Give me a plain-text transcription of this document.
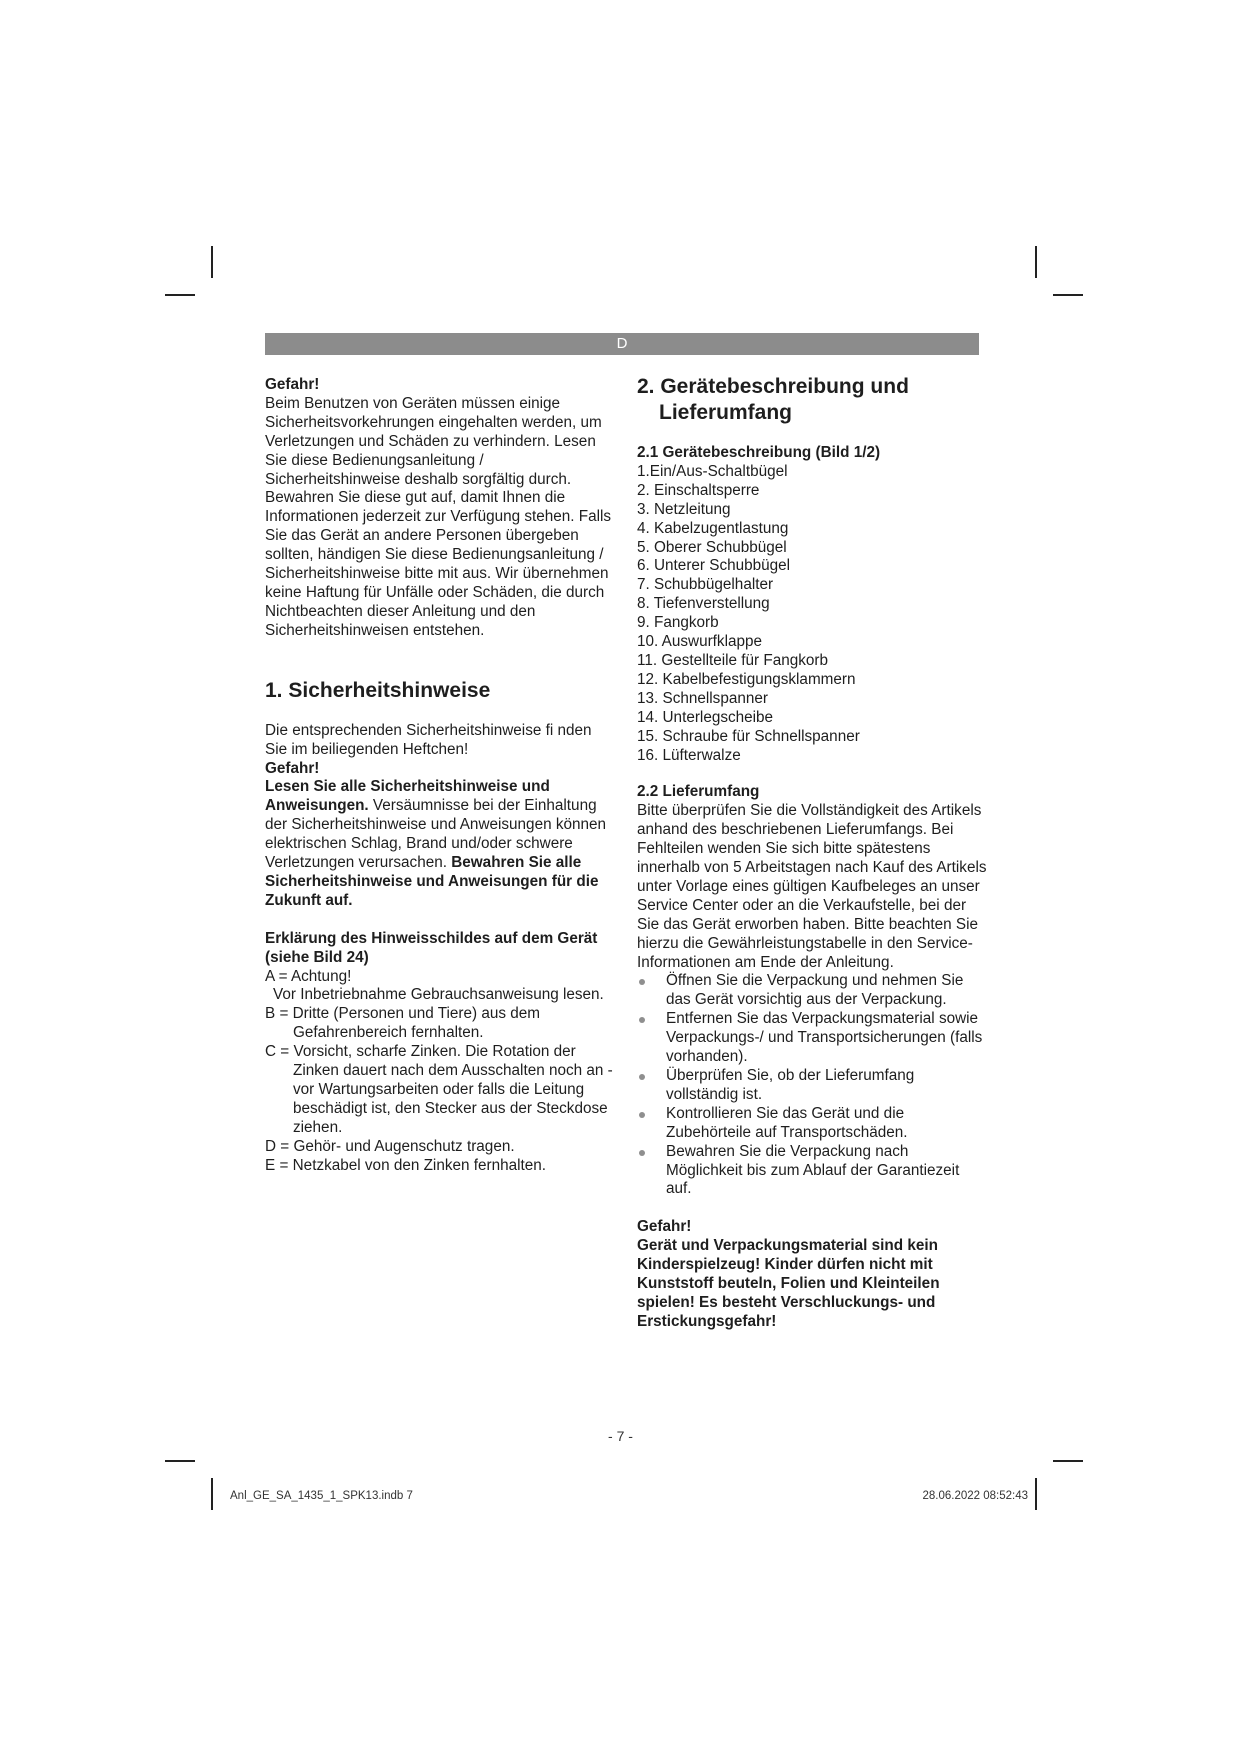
D

Gefahr!

Beim Benutzen von Geräten müssen einige Sicherheitsvorkehrungen eingehalten werden, um Verletzungen und Schäden zu verhindern. Lesen Sie diese Bedienungsanleitung / Sicherheitshinweise deshalb sorgfältig durch. Bewahren Sie diese gut auf, damit Ihnen die Informationen jederzeit zur Verfügung stehen. Falls Sie das Gerät an andere Personen übergeben sollten, händigen Sie diese Bedienungsanleitung / Sicherheitshinweise bitte mit aus. Wir übernehmen keine Haftung für Unfälle oder Schäden, die durch Nichtbeachten dieser Anleitung und den Sicherheitshinweisen entstehen.

1. Sicherheitshinweise

Die entsprechenden Sicherheitshinweise fi nden Sie im beiliegenden Heftchen!

Gefahr!

Lesen Sie alle Sicherheitshinweise und Anweisungen. Versäumnisse bei der Einhaltung der Sicherheitshinweise und Anweisungen können elektrischen Schlag, Brand und/oder schwere Verletzungen verursachen. Bewahren Sie alle Sicherheitshinweise und Anweisungen für die Zukunft auf.

Erklärung des Hinweisschildes auf dem Gerät (siehe Bild 24)

A = Achtung!

Vor Inbetriebnahme Gebrauchsanweisung lesen.

B = Dritte (Personen und Tiere) aus dem Gefahrenbereich fernhalten.

C = Vorsicht, scharfe Zinken. Die Rotation der Zinken dauert nach dem Ausschalten noch an - vor Wartungsarbeiten oder falls die Leitung beschädigt ist, den Stecker aus der Steckdose ziehen.

D = Gehör- und Augenschutz tragen.

E = Netzkabel von den Zinken fernhalten.

2. Gerätebeschreibung und
Lieferumfang

2.1 Gerätebeschreibung (Bild 1/2)

1.Ein/Aus-Schaltbügel
2. Einschaltsperre
3. Netzleitung
4. Kabelzugentlastung
5. Oberer Schubbügel
6. Unterer Schubbügel
7. Schubbügelhalter
8. Tiefenverstellung
9. Fangkorb
10. Auswurfklappe
11. Gestellteile für Fangkorb
12. Kabelbefestigungsklammern
13. Schnellspanner
14. Unterlegscheibe
15. Schraube für Schnellspanner
16. Lüfterwalze

2.2 Lieferumfang

Bitte überprüfen Sie die Vollständigkeit des Artikels anhand des beschriebenen Lieferumfangs. Bei Fehlteilen wenden Sie sich bitte spätestens innerhalb von 5 Arbeitstagen nach Kauf des Artikels unter Vorlage eines gültigen Kaufbeleges an unser Service Center oder an die Verkaufstelle, bei der Sie das Gerät erworben haben. Bitte beachten Sie hierzu die Gewährleistungstabelle in den Service-Informationen am Ende der Anleitung.

Öffnen Sie die Verpackung und nehmen Sie das Gerät vorsichtig aus der Verpackung.
Entfernen Sie das Verpackungsmaterial sowie Verpackungs-/ und Transportsicherungen (falls vorhanden).
Überprüfen Sie, ob der Lieferumfang vollständig ist.
Kontrollieren Sie das Gerät und die Zubehörteile auf Transportschäden.
Bewahren Sie die Verpackung nach Möglichkeit bis zum Ablauf der Garantiezeit auf.

Gefahr!

Gerät und Verpackungsmaterial sind kein Kinderspielzeug! Kinder dürfen nicht mit Kunststoff beuteln, Folien und Kleinteilen spielen! Es besteht Verschluckungs- und Erstickungsgefahr!

- 7 -
Anl_GE_SA_1435_1_SPK13.indb 7	28.06.2022 08:52:43
